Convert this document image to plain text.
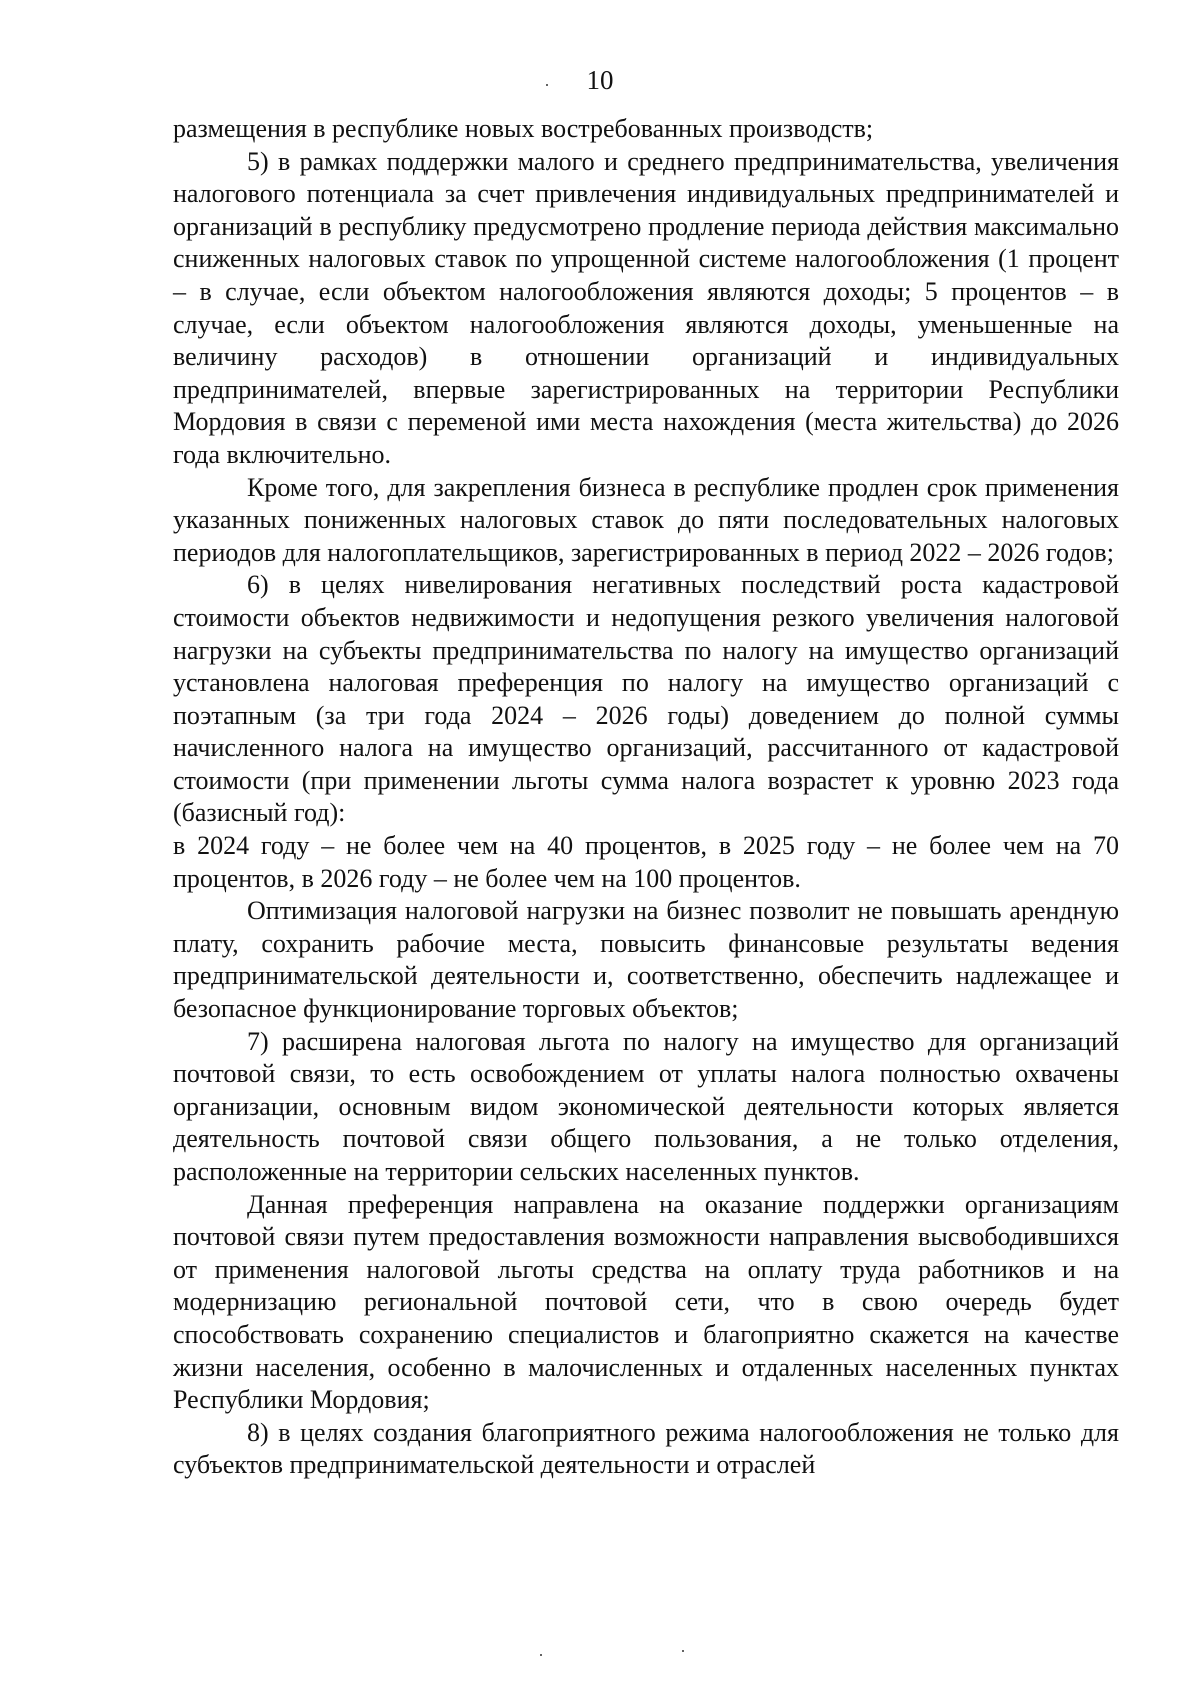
10

размещения в республике новых востребованных производств;

5) в рамках поддержки малого и среднего предпринимательства, увеличения налогового потенциала за счет привлечения индивидуальных предпринимателей и организаций в республику предусмотрено продление периода действия максимально сниженных налоговых ставок по упрощенной системе налогообложения (1 процент – в случае, если объектом налогообложения являются доходы; 5 процентов – в случае, если объектом налогообложения являются доходы, уменьшенные на величину расходов) в отношении организаций и индивидуальных предпринимателей, впервые зарегистрированных на территории Республики Мордовия в связи с переменой ими места нахождения (места жительства) до 2026 года включительно.

Кроме того, для закрепления бизнеса в республике продлен срок применения указанных пониженных налоговых ставок до пяти последовательных налоговых периодов для налогоплательщиков, зарегистрированных в период 2022 – 2026 годов;

6) в целях нивелирования негативных последствий роста кадастровой стоимости объектов недвижимости и недопущения резкого увеличения налоговой нагрузки на субъекты предпринимательства по налогу на имущество организаций установлена налоговая преференция по налогу на имущество организаций с поэтапным (за три года 2024 – 2026 годы) доведением до полной суммы начисленного налога на имущество организаций, рассчитанного от кадастровой стоимости (при применении льготы сумма налога возрастет к уровню 2023 года (базисный год):
в 2024 году – не более чем на 40 процентов, в 2025 году – не более чем на 70 процентов, в 2026 году – не более чем на 100 процентов.

Оптимизация налоговой нагрузки на бизнес позволит не повышать арендную плату, сохранить рабочие места, повысить финансовые результаты ведения предпринимательской деятельности и, соответственно, обеспечить надлежащее и безопасное функционирование торговых объектов;

7) расширена налоговая льгота по налогу на имущество для организаций почтовой связи, то есть освобождением от уплаты налога полностью охвачены организации, основным видом экономической деятельности которых является деятельность почтовой связи общего пользования, а не только отделения, расположенные на территории сельских населенных пунктов.

Данная преференция направлена на оказание поддержки организациям почтовой связи путем предоставления возможности направления высвободившихся от применения налоговой льготы средства на оплату труда работников и на модернизацию региональной почтовой сети, что в свою очередь будет способствовать сохранению специалистов и благоприятно скажется на качестве жизни населения, особенно в малочисленных и отдаленных населенных пунктах Республики Мордовия;

8) в целях создания благоприятного режима налогообложения не только для субъектов предпринимательской деятельности и отраслей
